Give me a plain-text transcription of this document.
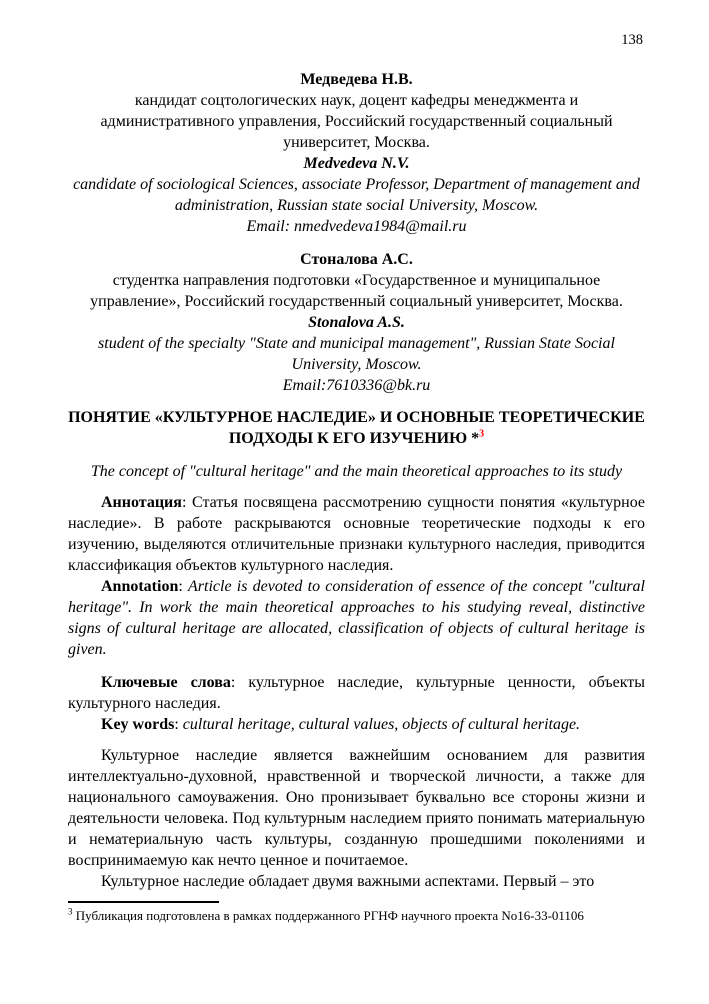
138
Медведева Н.В.
кандидат соцтологических наук, доцент кафедры менеджмента и административного управления, Российский государственный социальный университет, Москва.
Medvedeva N.V.
candidate of sociological Sciences, associate Professor, Department of management and administration, Russian state social University, Moscow.
Email: nmedvedeva1984@mail.ru
Стоналова А.С.
студентка направления подготовки «Государственное и муниципальное управление», Российский государственный социальный университет, Москва.
Stonalova A.S.
student of the specialty "State and municipal management", Russian State Social University, Moscow.
Email:7610336@bk.ru
ПОНЯТИЕ «КУЛЬТУРНОЕ НАСЛЕДИЕ» И ОСНОВНЫЕ ТЕОРЕТИЧЕСКИЕ ПОДХОДЫ К ЕГО ИЗУЧЕНИЮ *$^3$
The concept of "cultural heritage" and the main theoretical approaches to its study

Аннотация: Статья посвящена рассмотрению сущности понятия «культурное наследие». В работе раскрываются основные теоретические подходы к его изучению, выделяются отличительные признаки культурного наследия, приводится классификация объектов культурного наследия.

Annotation: Article is devoted to consideration of essence of the concept "cultural heritage". In work the main theoretical approaches to his studying reveal, distinctive signs of cultural heritage are allocated, classification of objects of cultural heritage is given.

Ключевые слова: культурное наследие, культурные ценности, объекты культурного наследия.

Key words: cultural heritage, cultural values, objects of cultural heritage.

Культурное наследие является важнейшим основанием для развития интеллектуально-духовной, нравственной и творческой личности, а также для национального самоуважения. Оно пронизывает буквально все стороны жизни и деятельности человека. Под культурным наследием приято понимать материальную и нематериальную часть культуры, созданную прошедшими поколениями и воспринимаемую как нечто ценное и почитаемое.

Культурное наследие обладает двумя важными аспектами. Первый – это

$^3$ Публикация подготовлена в рамках поддержанного РГНФ научного проекта No16-33-01106
